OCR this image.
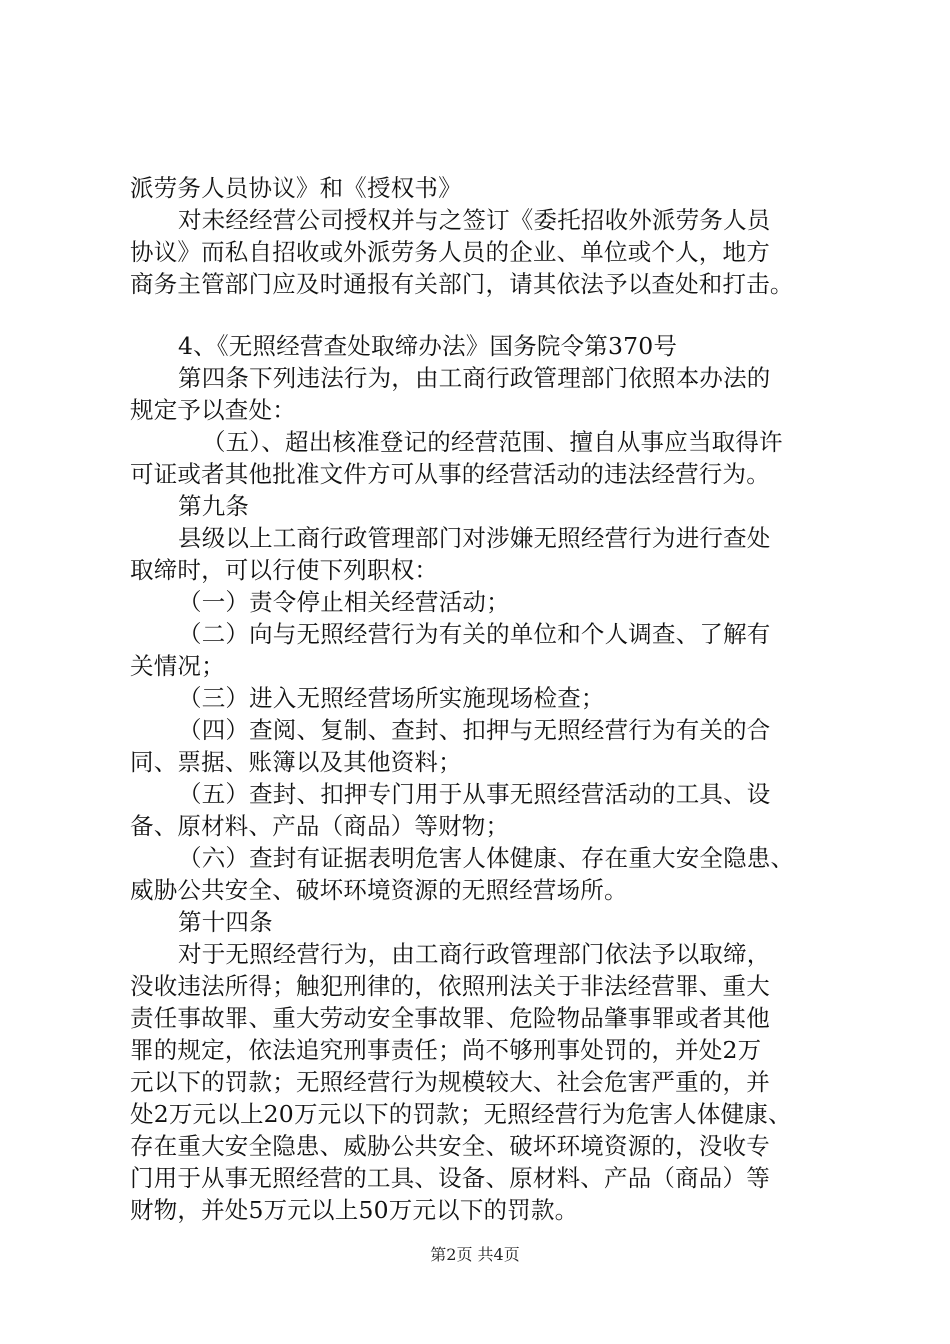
派劳务人员协议》和《授权书》
对未经经营公司授权并与之签订《委托招收外派劳务人员
协议》而私自招收或外派劳务人员的企业、单位或个人，地方
商务主管部门应及时通报有关部门，请其依法予以查处和打击。
4、《无照经营查处取缔办法》国务院令第370号
第四条下列违法行为，由工商行政管理部门依照本办法的
规定予以查处：
（五）、超出核准登记的经营范围、擅自从事应当取得许
可证或者其他批准文件方可从事的经营活动的违法经营行为。
第九条
县级以上工商行政管理部门对涉嫌无照经营行为进行查处
取缔时，可以行使下列职权：
（一）责令停止相关经营活动；
（二）向与无照经营行为有关的单位和个人调查、了解有
关情况；
（三）进入无照经营场所实施现场检查；
（四）查阅、复制、查封、扣押与无照经营行为有关的合
同、票据、账簿以及其他资料；
（五）查封、扣押专门用于从事无照经营活动的工具、设
备、原材料、产品（商品）等财物；
（六）查封有证据表明危害人体健康、存在重大安全隐患、
威胁公共安全、破坏环境资源的无照经营场所。
第十四条
对于无照经营行为，由工商行政管理部门依法予以取缔，
没收违法所得；触犯刑律的，依照刑法关于非法经营罪、重大
责任事故罪、重大劳动安全事故罪、危险物品肇事罪或者其他
罪的规定，依法追究刑事责任；尚不够刑事处罚的，并处2万
元以下的罚款；无照经营行为规模较大、社会危害严重的，并
处2万元以上20万元以下的罚款；无照经营行为危害人体健康、
存在重大安全隐患、威胁公共安全、破坏环境资源的，没收专
门用于从事无照经营的工具、设备、原材料、产品（商品）等
财物，并处5万元以上50万元以下的罚款。
第2页 共4页
